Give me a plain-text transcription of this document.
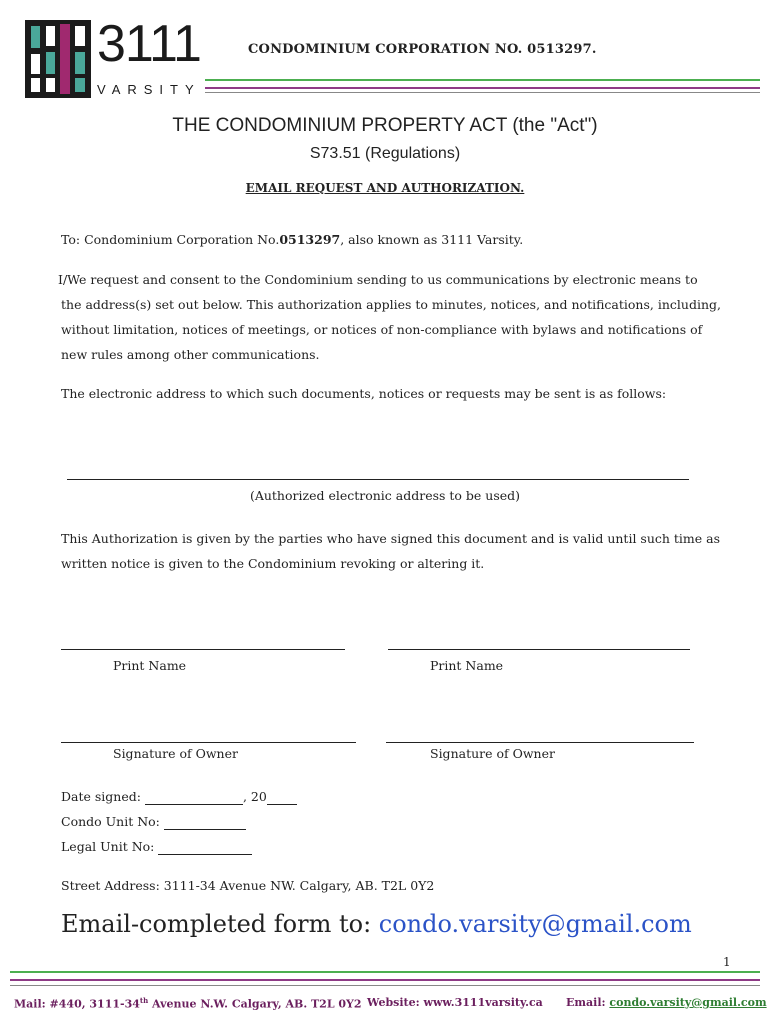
3111
VARSITY
CONDOMINIUM CORPORATION NO. 0513297.
THE CONDOMINIUM PROPERTY ACT (the "Act")
S73.51 (Regulations)
EMAIL REQUEST AND AUTHORIZATION.
To: Condominium Corporation No.0513297, also known as 3111 Varsity.
I/We request and consent to the Condominium sending to us communications by electronic means to
the address(s) set out below. This authorization applies to minutes, notices, and notifications, including,
without limitation, notices of meetings, or notices of non-compliance with bylaws and notifications of
new rules among other communications.
The electronic address to which such documents, notices or requests may be sent is as follows:
(Authorized electronic address to be used)
This Authorization is given by the parties who have signed this document and is valid until such time as
written notice is given to the Condominium revoking or altering it.
Print Name	Print Name
Signature of Owner	Signature of Owner
Date signed:	, 20
Condo Unit No:
Legal Unit No:
Street Address: 3111-34 Avenue NW. Calgary, AB. T2L 0Y2
Email-completed form to: condo.varsity@gmail.com
1
Mail: #440, 3111-34th Avenue N.W. Calgary, AB. T2L 0Y2 Website: www.3111varsity.ca Email: condo.varsity@gmail.com
